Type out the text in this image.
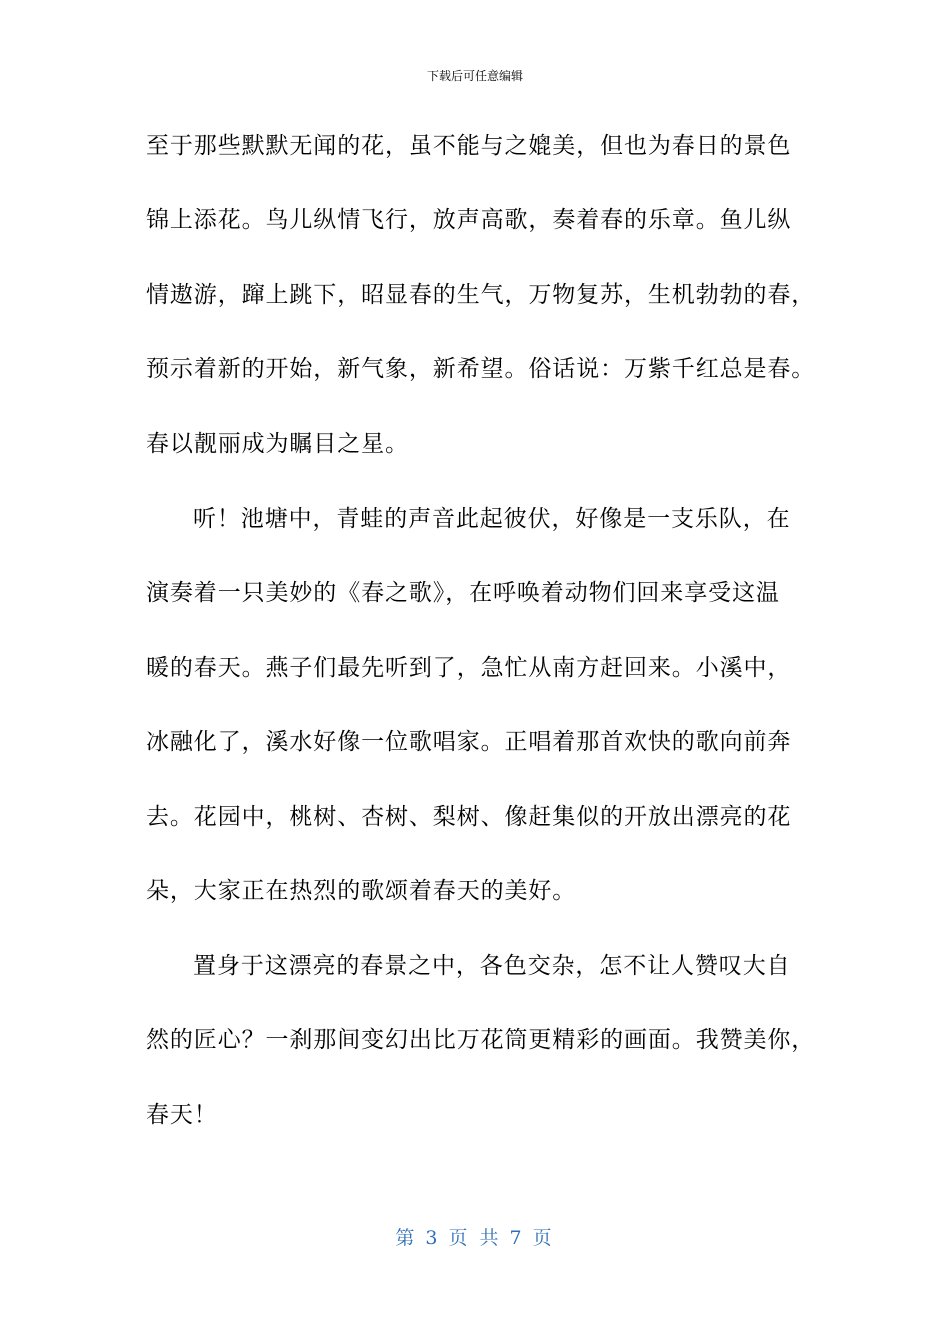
下载后可任意编辑
至于那些默默无闻的花，虽不能与之媲美，但也为春日的景色
锦上添花。鸟儿纵情飞行，放声高歌，奏着春的乐章。鱼儿纵
情遨游，蹿上跳下，昭显春的生气，万物复苏，生机勃勃的春，
预示着新的开始，新气象，新希望。俗话说：万紫千红总是春。
春以靓丽成为瞩目之星。
听！池塘中，青蛙的声音此起彼伏，好像是一支乐队，在
演奏着一只美妙的《春之歌》，在呼唤着动物们回来享受这温
暖的春天。燕子们最先听到了，急忙从南方赶回来。小溪中，
冰融化了，溪水好像一位歌唱家。正唱着那首欢快的歌向前奔
去。花园中，桃树、杏树、梨树、像赶集似的开放出漂亮的花
朵，大家正在热烈的歌颂着春天的美好。
置身于这漂亮的春景之中，各色交杂，怎不让人赞叹大自
然的匠心？一刹那间变幻出比万花筒更精彩的画面。我赞美你，
春天！
第 3 页 共 7 页
